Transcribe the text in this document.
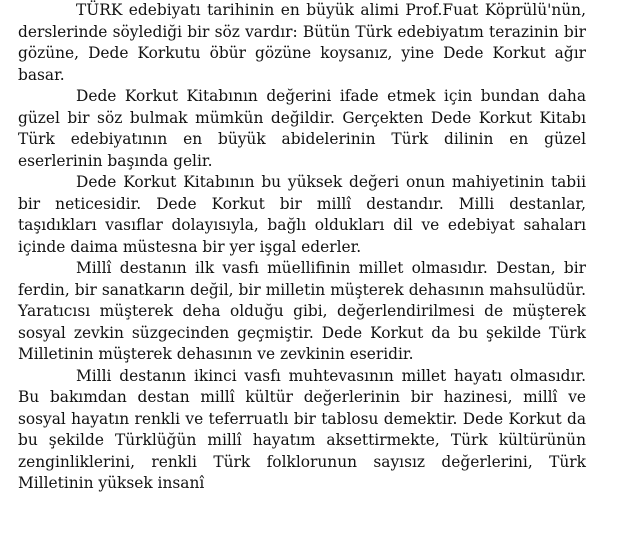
TÜRK edebiyatı tarihinin en büyük alimi Prof.Fuat Köprülü'nün, derslerinde söylediği bir söz vardır: Bütün Türk edebiyatım terazinin bir gözüne, Dede Korkutu öbür gözüne koysanız, yine Dede Korkut ağır basar.

Dede Korkut Kitabının değerini ifade etmek için bundan daha güzel bir söz bulmak mümkün değildir. Gerçekten Dede Korkut Kitabı Türk edebiyatının en büyük abidelerinin Türk dilinin en güzel eserlerinin başında gelir.

Dede Korkut Kitabının bu yüksek değeri onun mahiyetinin tabii bir neticesidir. Dede Korkut bir millî destandır. Milli destanlar, taşıdıkları vasıflar dolayısıyla, bağlı oldukları dil ve edebiyat sahaları içinde daima müstesna bir yer işgal ederler.

Millî destanın ilk vasfı müellifinin millet olmasıdır. Destan, bir ferdin, bir sanatkarın değil, bir milletin müşterek dehasının mahsulüdür. Yaratıcısı müşterek deha olduğu gibi, değerlendirilmesi de müşterek sosyal zevkin süzgecinden geçmiştir. Dede Korkut da bu şekilde Türk Milletinin müşterek dehasının ve zevkinin eseridir.

Milli destanın ikinci vasfı muhtevasının millet hayatı olmasıdır. Bu bakımdan destan millî kültür değerlerinin bir hazinesi, millî ve sosyal hayatın renkli ve teferruatlı bir tablosu demektir. Dede Korkut da bu şekilde Türklüğün millî hayatım aksettirmekte, Türk kültürünün zenginliklerini, renkli Türk folklorunun sayısız değerlerini, Türk Milletinin yüksek insanî
